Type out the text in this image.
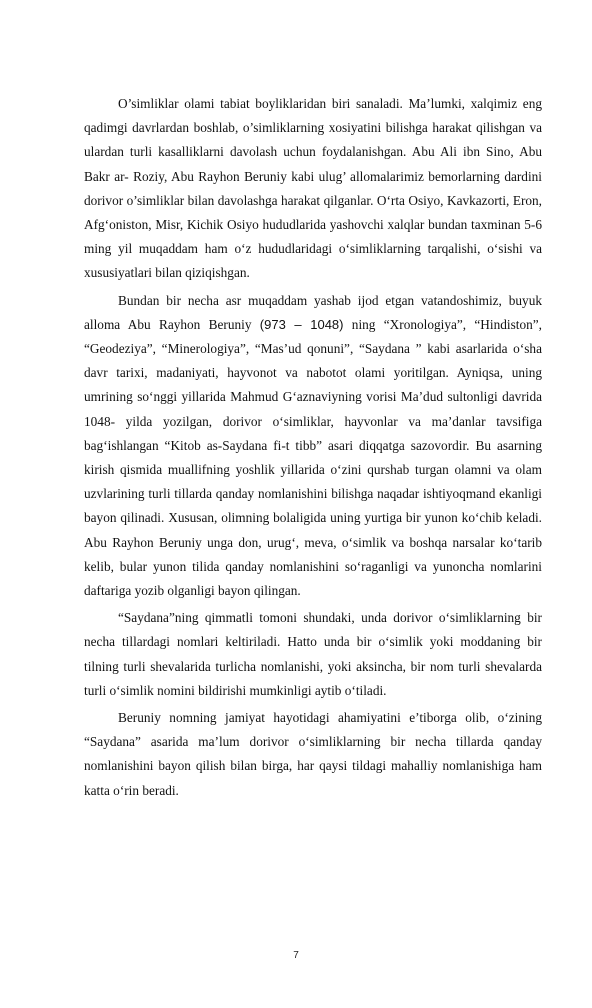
O’simliklar olami tabiat boyliklaridan biri sanaladi. Ma’lumki, xalqimiz eng qadimgi davrlardan boshlab, o’simliklarning xosiyatini bilishga harakat qilishgan va ulardan turli kasalliklarni davolash uchun foydalanishgan. Abu Ali ibn Sino, Abu Bakr ar- Roziy, Abu Rayhon Beruniy kabi ulug’ allomalarimiz bemorlarning dardini dorivor o’simliklar bilan davolashga harakat qilganlar. O‘rta Osiyo, Kavkazorti, Eron, Afg‘oniston, Misr, Kichik Osiyo hududlarida yashovchi xalqlar bundan taxminan 5-6 ming yil muqaddam ham o‘z hududlaridagi o‘simliklarning tarqalishi, o‘sishi va xususiyatlari bilan qiziqishgan.

Bundan bir necha asr muqaddam yashab ijod etgan vatandoshimiz, buyuk alloma Abu Rayhon Beruniy (973 – 1048) ning “Xronologiya”, “Hindiston”, “Geodeziya”, “Minerologiya”, “Mas’ud qonuni”, “Saydana ” kabi asarlarida o‘sha davr tarixi, madaniyati, hayvonot va nabotot olami yoritilgan. Ayniqsa, uning umrining so‘nggi yillarida Mahmud G‘aznaviyning vorisi Ma’dud sultonligi davrida 1048- yilda yozilgan, dorivor o‘simliklar, hayvonlar va ma’danlar tavsifiga bag‘ishlangan “Kitob as-Saydana fi-t tibb” asari diqqatga sazovordir. Bu asarning kirish qismida muallifning yoshlik yillarida o‘zini qurshab turgan olamni va olam uzvlarining turli tillarda qanday nomlanishini bilishga naqadar ishtiyoqmand ekanligi bayon qilinadi. Xususan, olimning bolaligida uning yurtiga bir yunon ko‘chib keladi. Abu Rayhon Beruniy unga don, urug‘, meva, o‘simlik va boshqa narsalar ko‘tarib kelib, bular yunon tilida qanday nomlanishini so‘raganligi va yunoncha nomlarini daftariga yozib olganligi bayon qilingan.

“Saydana”ning qimmatli tomoni shundaki, unda dorivor o‘simliklarning bir necha tillardagi nomlari keltiriladi. Hatto unda bir o‘simlik yoki moddaning bir tilning turli shevalarida turlicha nomlanishi, yoki aksincha, bir nom turli shevalarda turli o‘simlik nomini bildirishi mumkinligi aytib o‘tiladi.

Beruniy nomning jamiyat hayotidagi ahamiyatini e’tiborga olib, o‘zining “Saydana” asarida ma’lum dorivor o‘simliklarning bir necha tillarda qanday nomlanishini bayon qilish bilan birga, har qaysi tildagi mahalliy nomlanishiga ham katta o‘rin beradi.

7
